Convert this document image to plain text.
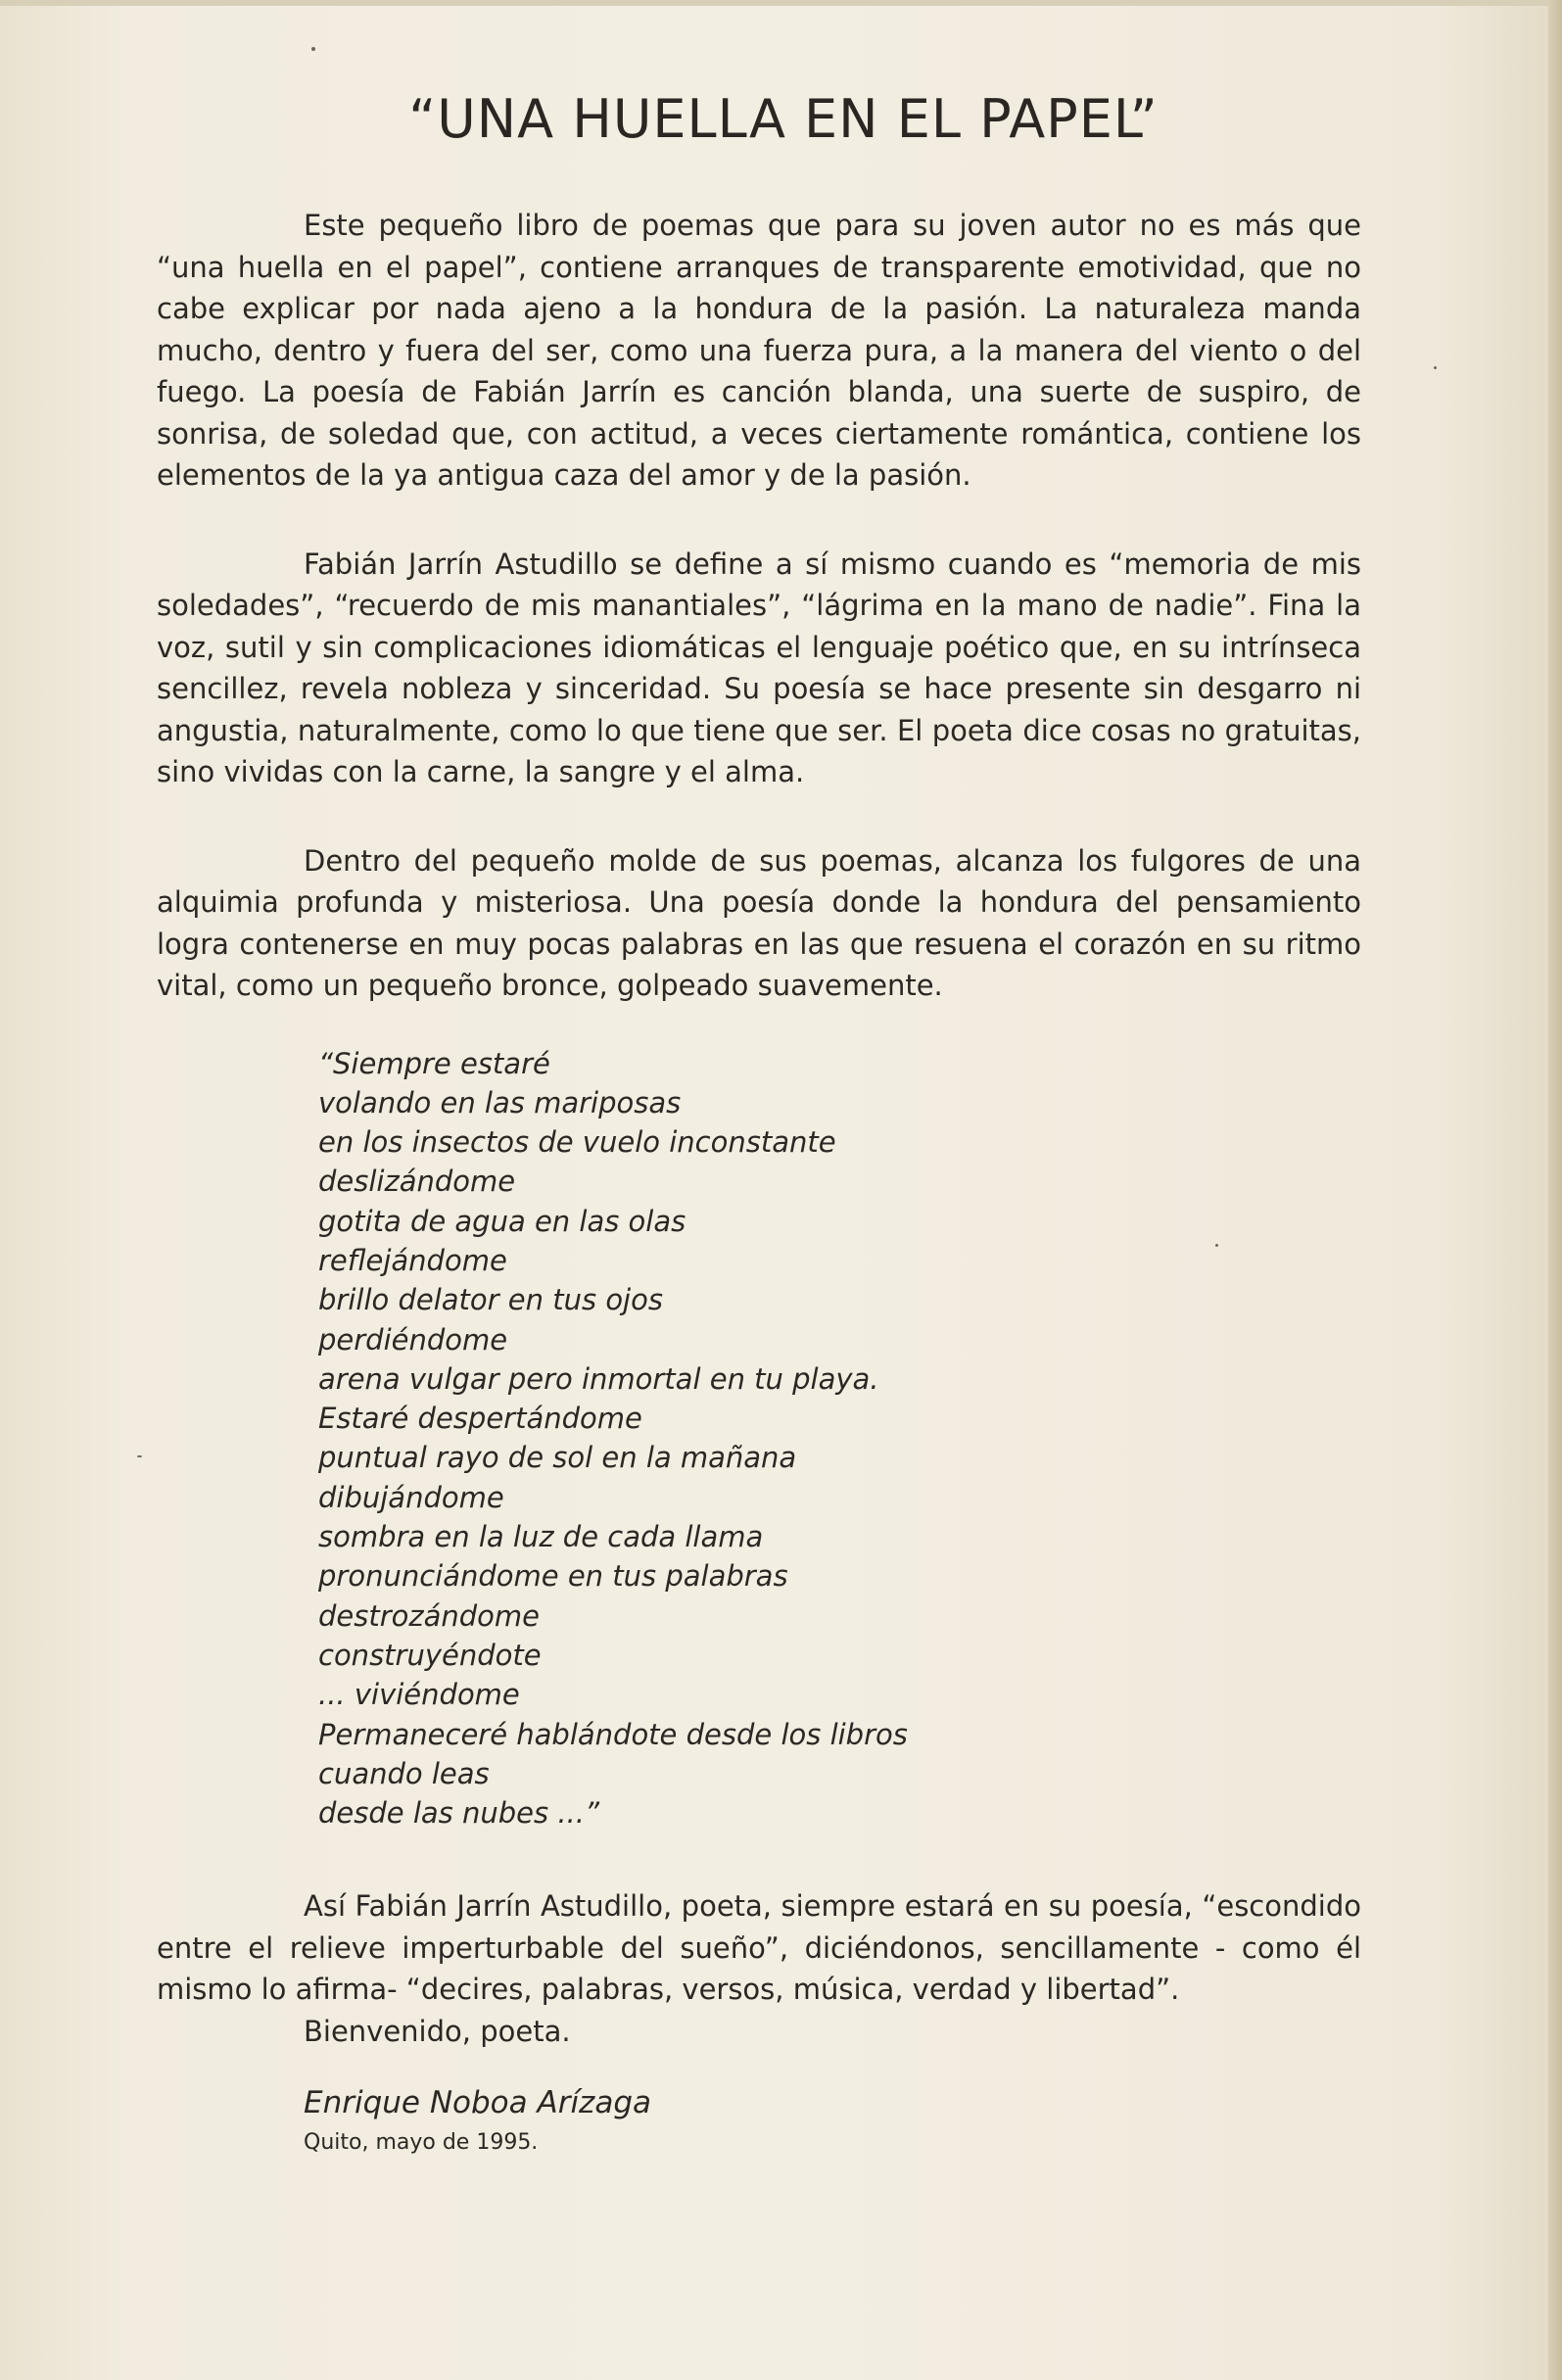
“UNA HUELLA EN EL PAPEL”

Este pequeño libro de poemas que para su joven autor no es más que “una huella en el papel”, contiene arranques de transparente emotividad, que no cabe explicar por nada ajeno a la hondura de la pasión. La naturaleza manda mucho, dentro y fuera del ser, como una fuerza pura, a la manera del viento o del fuego. La poesía de Fabián Jarrín es canción blanda, una suerte de suspiro, de sonrisa, de soledad que, con actitud, a veces ciertamente romántica, contiene los elementos de la ya antigua caza del amor y de la pasión.

Fabián Jarrín Astudillo se define a sí mismo cuando es “memoria de mis soledades”, “recuerdo de mis manantiales”, “lágrima en la mano de nadie”. Fina la voz, sutil y sin complicaciones idiomáticas el lenguaje poético que, en su intrínseca sencillez, revela nobleza y sinceridad. Su poesía se hace presente sin desgarro ni angustia, naturalmente, como lo que tiene que ser. El poeta dice cosas no gratuitas, sino vividas con la carne, la sangre y el alma.

Dentro del pequeño molde de sus poemas, alcanza los fulgores de una alquimia profunda y misteriosa. Una poesía donde la hondura del pensamiento logra contenerse en muy pocas palabras en las que resuena el corazón en su ritmo vital, como un pequeño bronce, golpeado suavemente.

“Siempre estaré
volando en las mariposas
en los insectos de vuelo inconstante
deslizándome
gotita de agua en las olas
reflejándome
brillo delator en tus ojos
perdiéndome
arena vulgar pero inmortal en tu playa.
Estaré despertándome
puntual rayo de sol en la mañana
dibujándome
sombra en la luz de cada llama
pronunciándome en tus palabras
destrozándome
construyéndote
... viviéndome
Permaneceré hablándote desde los libros
cuando leas
desde las nubes ...”

Así Fabián Jarrín Astudillo, poeta, siempre estará en su poesía, “escondido entre el relieve imperturbable del sueño”, diciéndonos, sencillamente - como él mismo lo afirma- “decires, palabras, versos, música, verdad y libertad”.

Bienvenido, poeta.

Enrique Noboa Arízaga
Quito, mayo de 1995.
